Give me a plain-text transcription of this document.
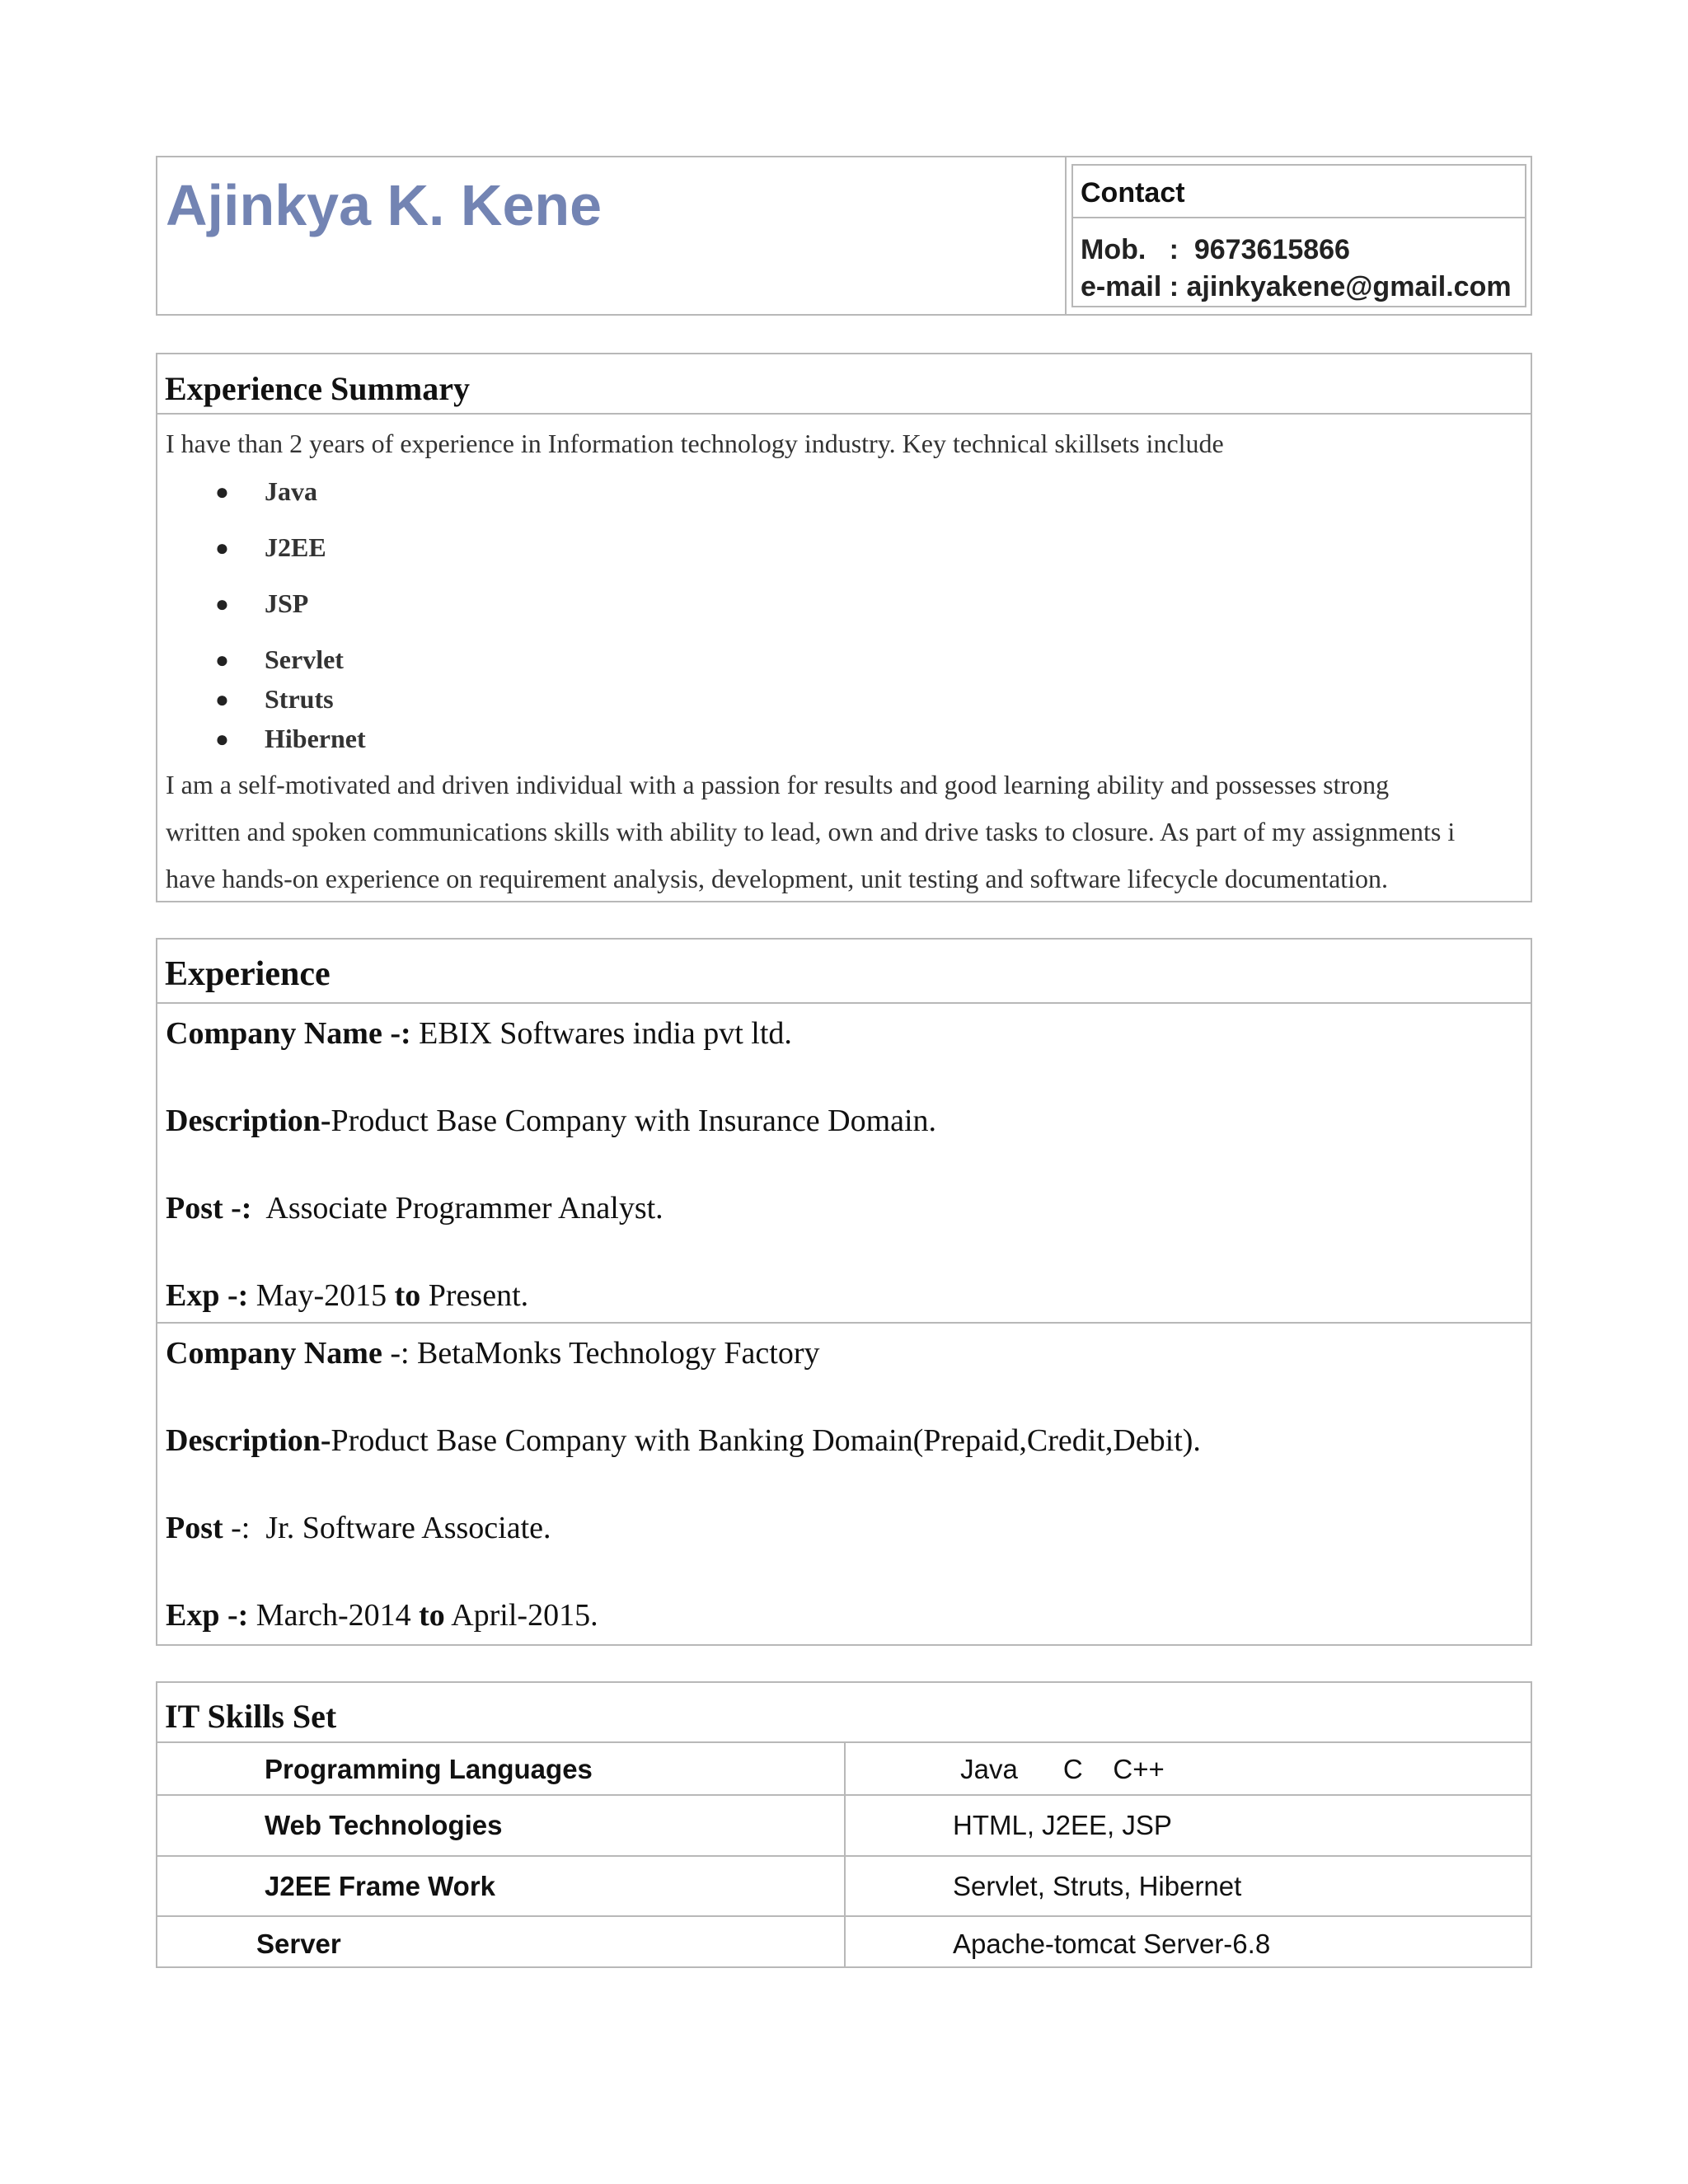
Ajinkya K. Kene	Contact
Mob.   :  9673615866
e-mail : ajinkyakene@gmail.com
Experience Summary
I have than 2 years of experience in Information technology industry. Key technical skillsets include
● Java
● J2EE
● JSP
● Servlet
● Struts
● Hibernet
I am a self-motivated and driven individual with a passion for results and good learning ability and possesses strong
written and spoken communications skills with ability to lead, own and drive tasks to closure. As part of my assignments i
have hands-on experience on requirement analysis, development, unit testing and software lifecycle documentation.
Experience
Company Name -: EBIX Softwares india pvt ltd.
Description-Product Base Company with Insurance Domain.
Post -:  Associate Programmer Analyst.
Exp -: May-2015 to Present.
Company Name -: BetaMonks Technology Factory
Description-Product Base Company with Banking Domain(Prepaid,Credit,Debit).
Post -:  Jr. Software Associate.
Exp -: March-2014 to April-2015.
IT Skills Set
Programming Languages	Java      C    C++
Web Technologies	HTML, J2EE, JSP
J2EE Frame Work	Servlet, Struts, Hibernet
Server	Apache-tomcat Server-6.8
